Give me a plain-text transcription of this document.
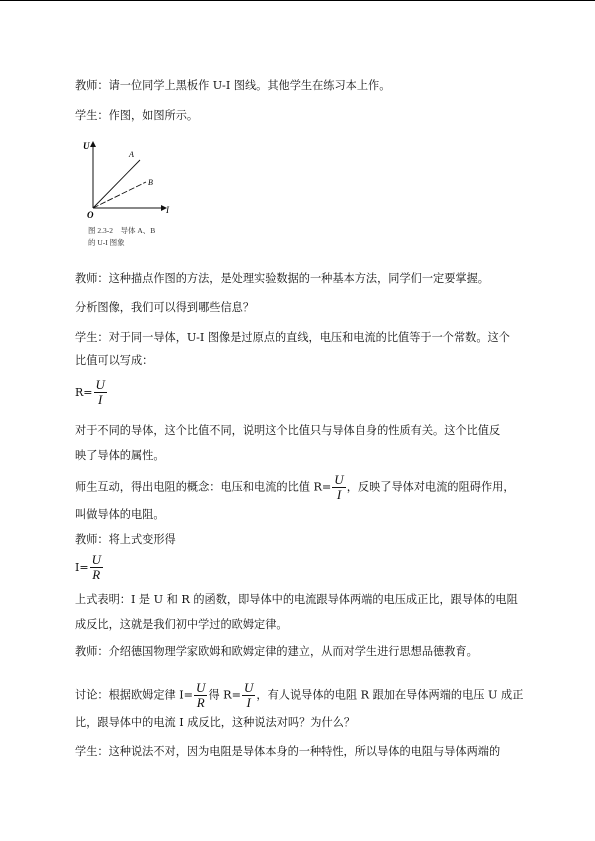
教师：请一位同学上黑板作 U-I 图线。其他学生在练习本上作。
学生：作图，如图所示。
U
I
O
A
B
图 2.3-2　导体 A、B
的 U-I 图象
教师：这种描点作图的方法，是处理实验数据的一种基本方法，同学们一定要掌握。
分析图像，我们可以得到哪些信息？
学生：对于同一导体，U-I 图像是过原点的直线，电压和电流的比值等于一个常数。这个
比值可以写成：
$R= \frac{U}{I}$
对于不同的导体，这个比值不同，说明这个比值只与导体自身的性质有关。这个比值反
映了导体的属性。
师生互动，得出电阻的概念：电压和电流的比值 $R= \frac{U}{I}$ ，反映了导体对电流的阻碍作用，
叫做导体的电阻。
教师：将上式变形得
$I= \frac{U}{R}$
上式表明：I 是 U 和 R 的函数，即导体中的电流跟导体两端的电压成正比，跟导体的电阻
成反比，这就是我们初中学过的欧姆定律。
教师：介绍德国物理学家欧姆和欧姆定律的建立，从而对学生进行思想品德教育。
讨论：根据欧姆定律 $I= \frac{U}{R}$ 得 $R= \frac{U}{I}$ ，有人说导体的电阻 R 跟加在导体两端的电压 U 成正
比，跟导体中的电流 I 成反比，这种说法对吗？为什么？
学生：这种说法不对，因为电阻是导体本身的一种特性，所以导体的电阻与导体两端的
